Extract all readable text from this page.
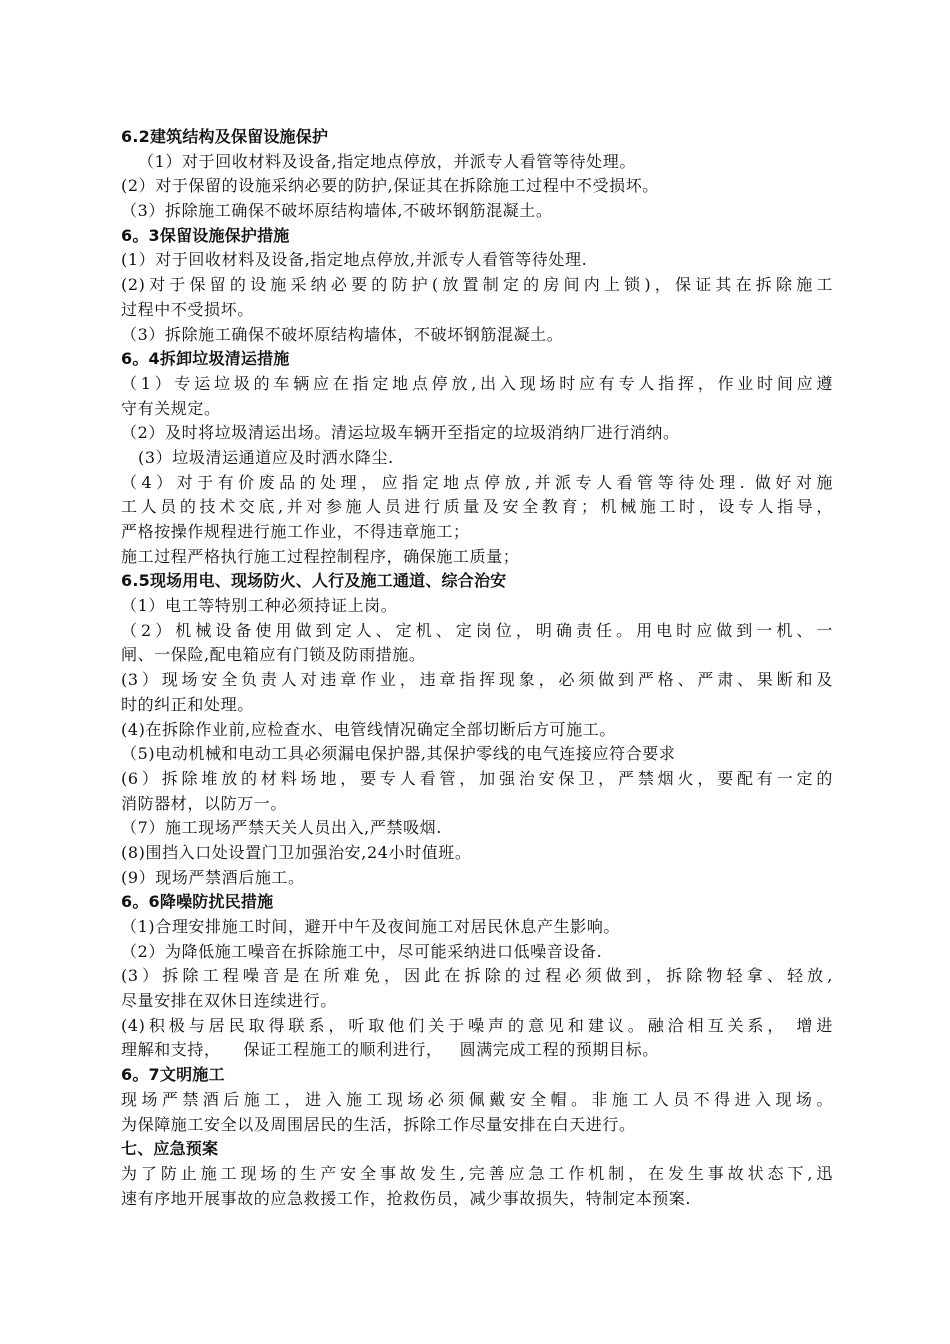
6.2建筑结构及保留设施保护
（1）对于回收材料及设备,指定地点停放，并派专人看管等待处理。
(2）对于保留的设施采纳必要的防护,保证其在拆除施工过程中不受损坏。
（3）拆除施工确保不破坏原结构墙体,不破坏钢筋混凝土。
6。3保留设施保护措施
(1）对于回收材料及设备,指定地点停放,并派专人看管等待处理.
(2)对于保留的设施采纳必要的防护(放置制定的房间内上锁)，保证其在拆除施工
过程中不受损坏。
（3）拆除施工确保不破坏原结构墙体，不破坏钢筋混凝土。
6。4拆卸垃圾清运措施
（1）专运垃圾的车辆应在指定地点停放,出入现场时应有专人指挥，作业时间应遵
守有关规定。
（2）及时将垃圾清运出场。清运垃圾车辆开至指定的垃圾消纳厂进行消纳。
(3）垃圾清运通道应及时洒水降尘.
（4）对于有价废品的处理，应指定地点停放,并派专人看管等待处理. 做好对施
工人员的技术交底,并对参施人员进行质量及安全教育；机械施工时，设专人指导，
严格按操作规程进行施工作业，不得违章施工；
施工过程严格执行施工过程控制程序，确保施工质量；
6.5现场用电、现场防火、人行及施工通道、综合治安
（1）电工等特别工种必须持证上岗。
（2）机械设备使用做到定人、定机、定岗位，明确责任。用电时应做到一机、一
闸、一保险,配电箱应有门锁及防雨措施。
(3）现场安全负责人对违章作业，违章指挥现象，必须做到严格、严肃、果断和及
时的纠正和处理。
(4)在拆除作业前,应检查水、电管线情况确定全部切断后方可施工。
（5)电动机械和电动工具必须漏电保护器,其保护零线的电气连接应符合要求
(6）拆除堆放的材料场地，要专人看管，加强治安保卫，严禁烟火，要配有一定的
消防器材，以防万一。
（7）施工现场严禁天关人员出入,严禁吸烟.
(8)围挡入口处设置门卫加强治安,24小时值班。
(9）现场严禁酒后施工。
6。6降噪防扰民措施
（1)合理安排施工时间，避开中午及夜间施工对居民休息产生影响。
（2）为降低施工噪音在拆除施工中，尽可能采纳进口低噪音设备.
(3）拆除工程噪音是在所难免，因此在拆除的过程必须做到，拆除物轻拿、轻放,
尽量安排在双休日连续进行。
(4)积极与居民取得联系，听取他们关于噪声的意见和建议。融洽相互关系， 增进
理解和支持，    保证工程施工的顺利进行，   圆满完成工程的预期目标。
6。7文明施工
现场严禁酒后施工，进入施工现场必须佩戴安全帽。非施工人员不得进入现场。
为保障施工安全以及周围居民的生活，拆除工作尽量安排在白天进行。
七、应急预案
为了防止施工现场的生产安全事故发生,完善应急工作机制，在发生事故状态下,迅
速有序地开展事故的应急救援工作，抢救伤员，减少事故损失，特制定本预案.
